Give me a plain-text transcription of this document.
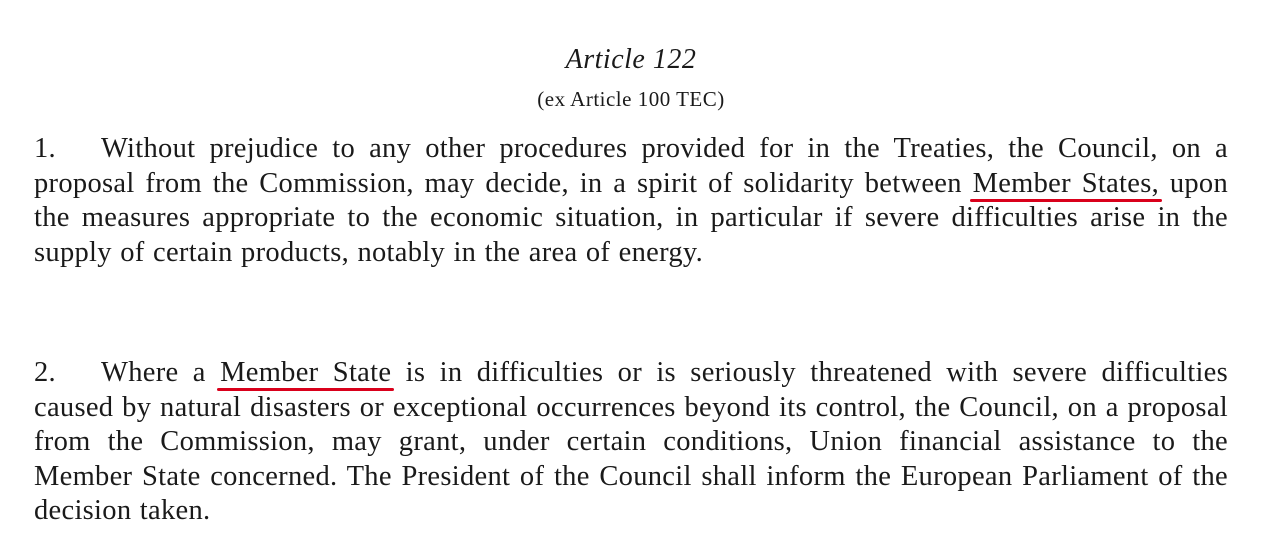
Article 122
(ex Article 100 TEC)

1. Without prejudice to any other procedures provided for in the Treaties, the Council, on a proposal from the Commission, may decide, in a spirit of solidarity between Member States, upon the measures appropriate to the economic situation, in particular if severe difficulties arise in the supply of certain products, notably in the area of energy.

2. Where a Member State is in difficulties or is seriously threatened with severe difficulties caused by natural disasters or exceptional occurrences beyond its control, the Council, on a proposal from the Commission, may grant, under certain conditions, Union financial assistance to the Member State concerned. The President of the Council shall inform the European Parliament of the decision taken.
